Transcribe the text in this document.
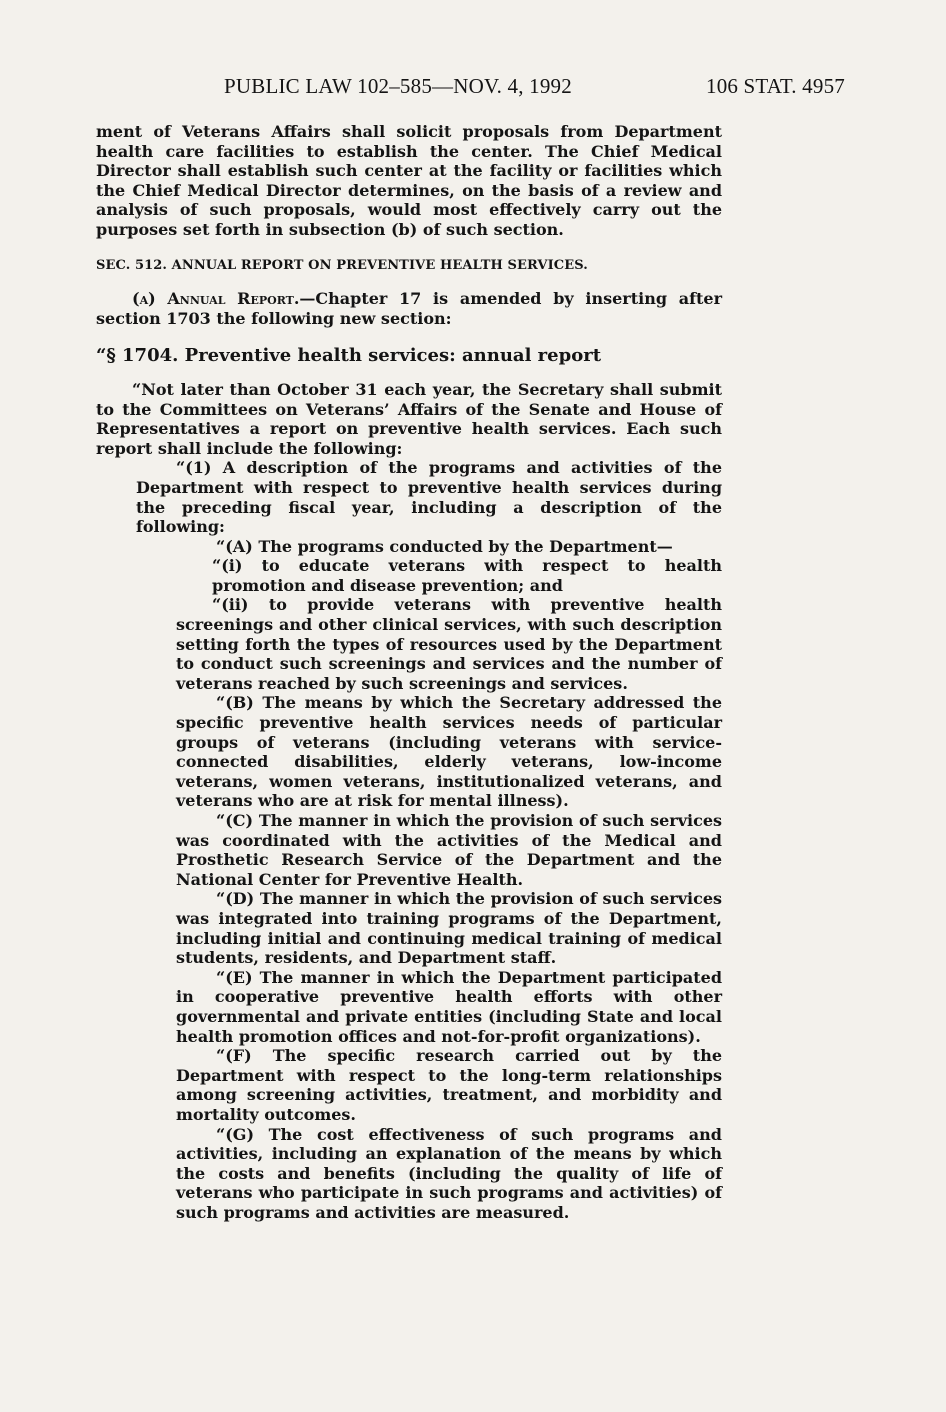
PUBLIC LAW 102–585—NOV. 4, 1992	106 STAT. 4957

ment of Veterans Affairs shall solicit proposals from Department health care facilities to establish the center. The Chief Medical Director shall establish such center at the facility or facilities which the Chief Medical Director determines, on the basis of a review and analysis of such proposals, would most effectively carry out the purposes set forth in subsection (b) of such section.

SEC. 512. ANNUAL REPORT ON PREVENTIVE HEALTH SERVICES.

(a) Annual Report.—Chapter 17 is amended by inserting after section 1703 the following new section:

“§ 1704. Preventive health services: annual report

“Not later than October 31 each year, the Secretary shall submit to the Committees on Veterans’ Affairs of the Senate and House of Representatives a report on preventive health services. Each such report shall include the following:

“(1) A description of the programs and activities of the Department with respect to preventive health services during the preceding fiscal year, including a description of the following:

“(A) The programs conducted by the Department—

“(i) to educate veterans with respect to health promotion and disease prevention; and

“(ii) to provide veterans with preventive health screenings and other clinical services, with such description setting forth the types of resources used by the Department to conduct such screenings and services and the number of veterans reached by such screenings and services.

“(B) The means by which the Secretary addressed the specific preventive health services needs of particular groups of veterans (including veterans with service-connected disabilities, elderly veterans, low-income veterans, women veterans, institutionalized veterans, and veterans who are at risk for mental illness).

“(C) The manner in which the provision of such services was coordinated with the activities of the Medical and Prosthetic Research Service of the Department and the National Center for Preventive Health.

“(D) The manner in which the provision of such services was integrated into training programs of the Department, including initial and continuing medical training of medical students, residents, and Department staff.

“(E) The manner in which the Department participated in cooperative preventive health efforts with other governmental and private entities (including State and local health promotion offices and not-for-profit organizations).

“(F) The specific research carried out by the Department with respect to the long-term relationships among screening activities, treatment, and morbidity and mortality outcomes.

“(G) The cost effectiveness of such programs and activities, including an explanation of the means by which the costs and benefits (including the quality of life of veterans who participate in such programs and activities) of such programs and activities are measured.
